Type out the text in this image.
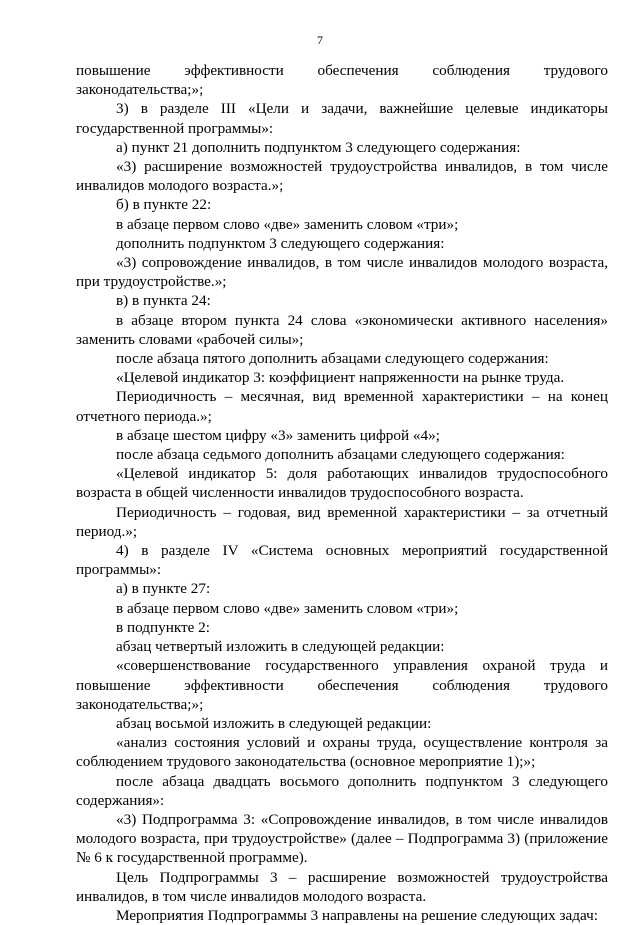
7

повышение эффективности обеспечения соблюдения трудового законодательства;»;

3) в разделе III «Цели и задачи, важнейшие целевые индикаторы государственной программы»:

а) пункт 21 дополнить подпунктом 3 следующего содержания:

«3) расширение возможностей трудоустройства инвалидов, в том числе инвалидов молодого возраста.»;

б) в пункте 22:

в абзаце первом слово «две» заменить словом «три»;

дополнить подпунктом 3 следующего содержания:

«3) сопровождение инвалидов, в том числе инвалидов молодого возраста, при трудоустройстве.»;

в) в пункта 24:

в абзаце втором пункта 24 слова «экономически активного населения» заменить словами «рабочей силы»;

после абзаца пятого дополнить абзацами следующего содержания:

«Целевой индикатор 3: коэффициент напряженности на рынке труда.

Периодичность – месячная, вид временной характеристики – на конец отчетного периода.»;

в абзаце шестом цифру «3» заменить цифрой «4»;

после абзаца седьмого дополнить абзацами следующего содержания:

«Целевой индикатор 5: доля работающих инвалидов трудоспособного возраста в общей численности инвалидов трудоспособного возраста.

Периодичность – годовая, вид временной характеристики – за отчетный период.»;

4) в разделе IV «Система основных мероприятий государственной программы»:

а) в пункте 27:

в абзаце первом слово «две» заменить словом «три»;

в подпункте 2:

абзац четвертый изложить в следующей редакции:

«совершенствование государственного управления охраной труда и повышение эффективности обеспечения соблюдения трудового законодательства;»;

абзац восьмой изложить в следующей редакции:

«анализ состояния условий и охраны труда, осуществление контроля за соблюдением трудового законодательства (основное мероприятие 1);»;

после абзаца двадцать восьмого дополнить подпунктом 3 следующего содержания»:

«3) Подпрограмма 3: «Сопровождение инвалидов, в том числе инвалидов молодого возраста, при трудоустройстве» (далее – Подпрограмма 3) (приложение № 6 к государственной программе).

Цель Подпрограммы 3 – расширение возможностей трудоустройства инвалидов, в том числе инвалидов молодого возраста.

Мероприятия Подпрограммы 3 направлены на решение следующих задач:
